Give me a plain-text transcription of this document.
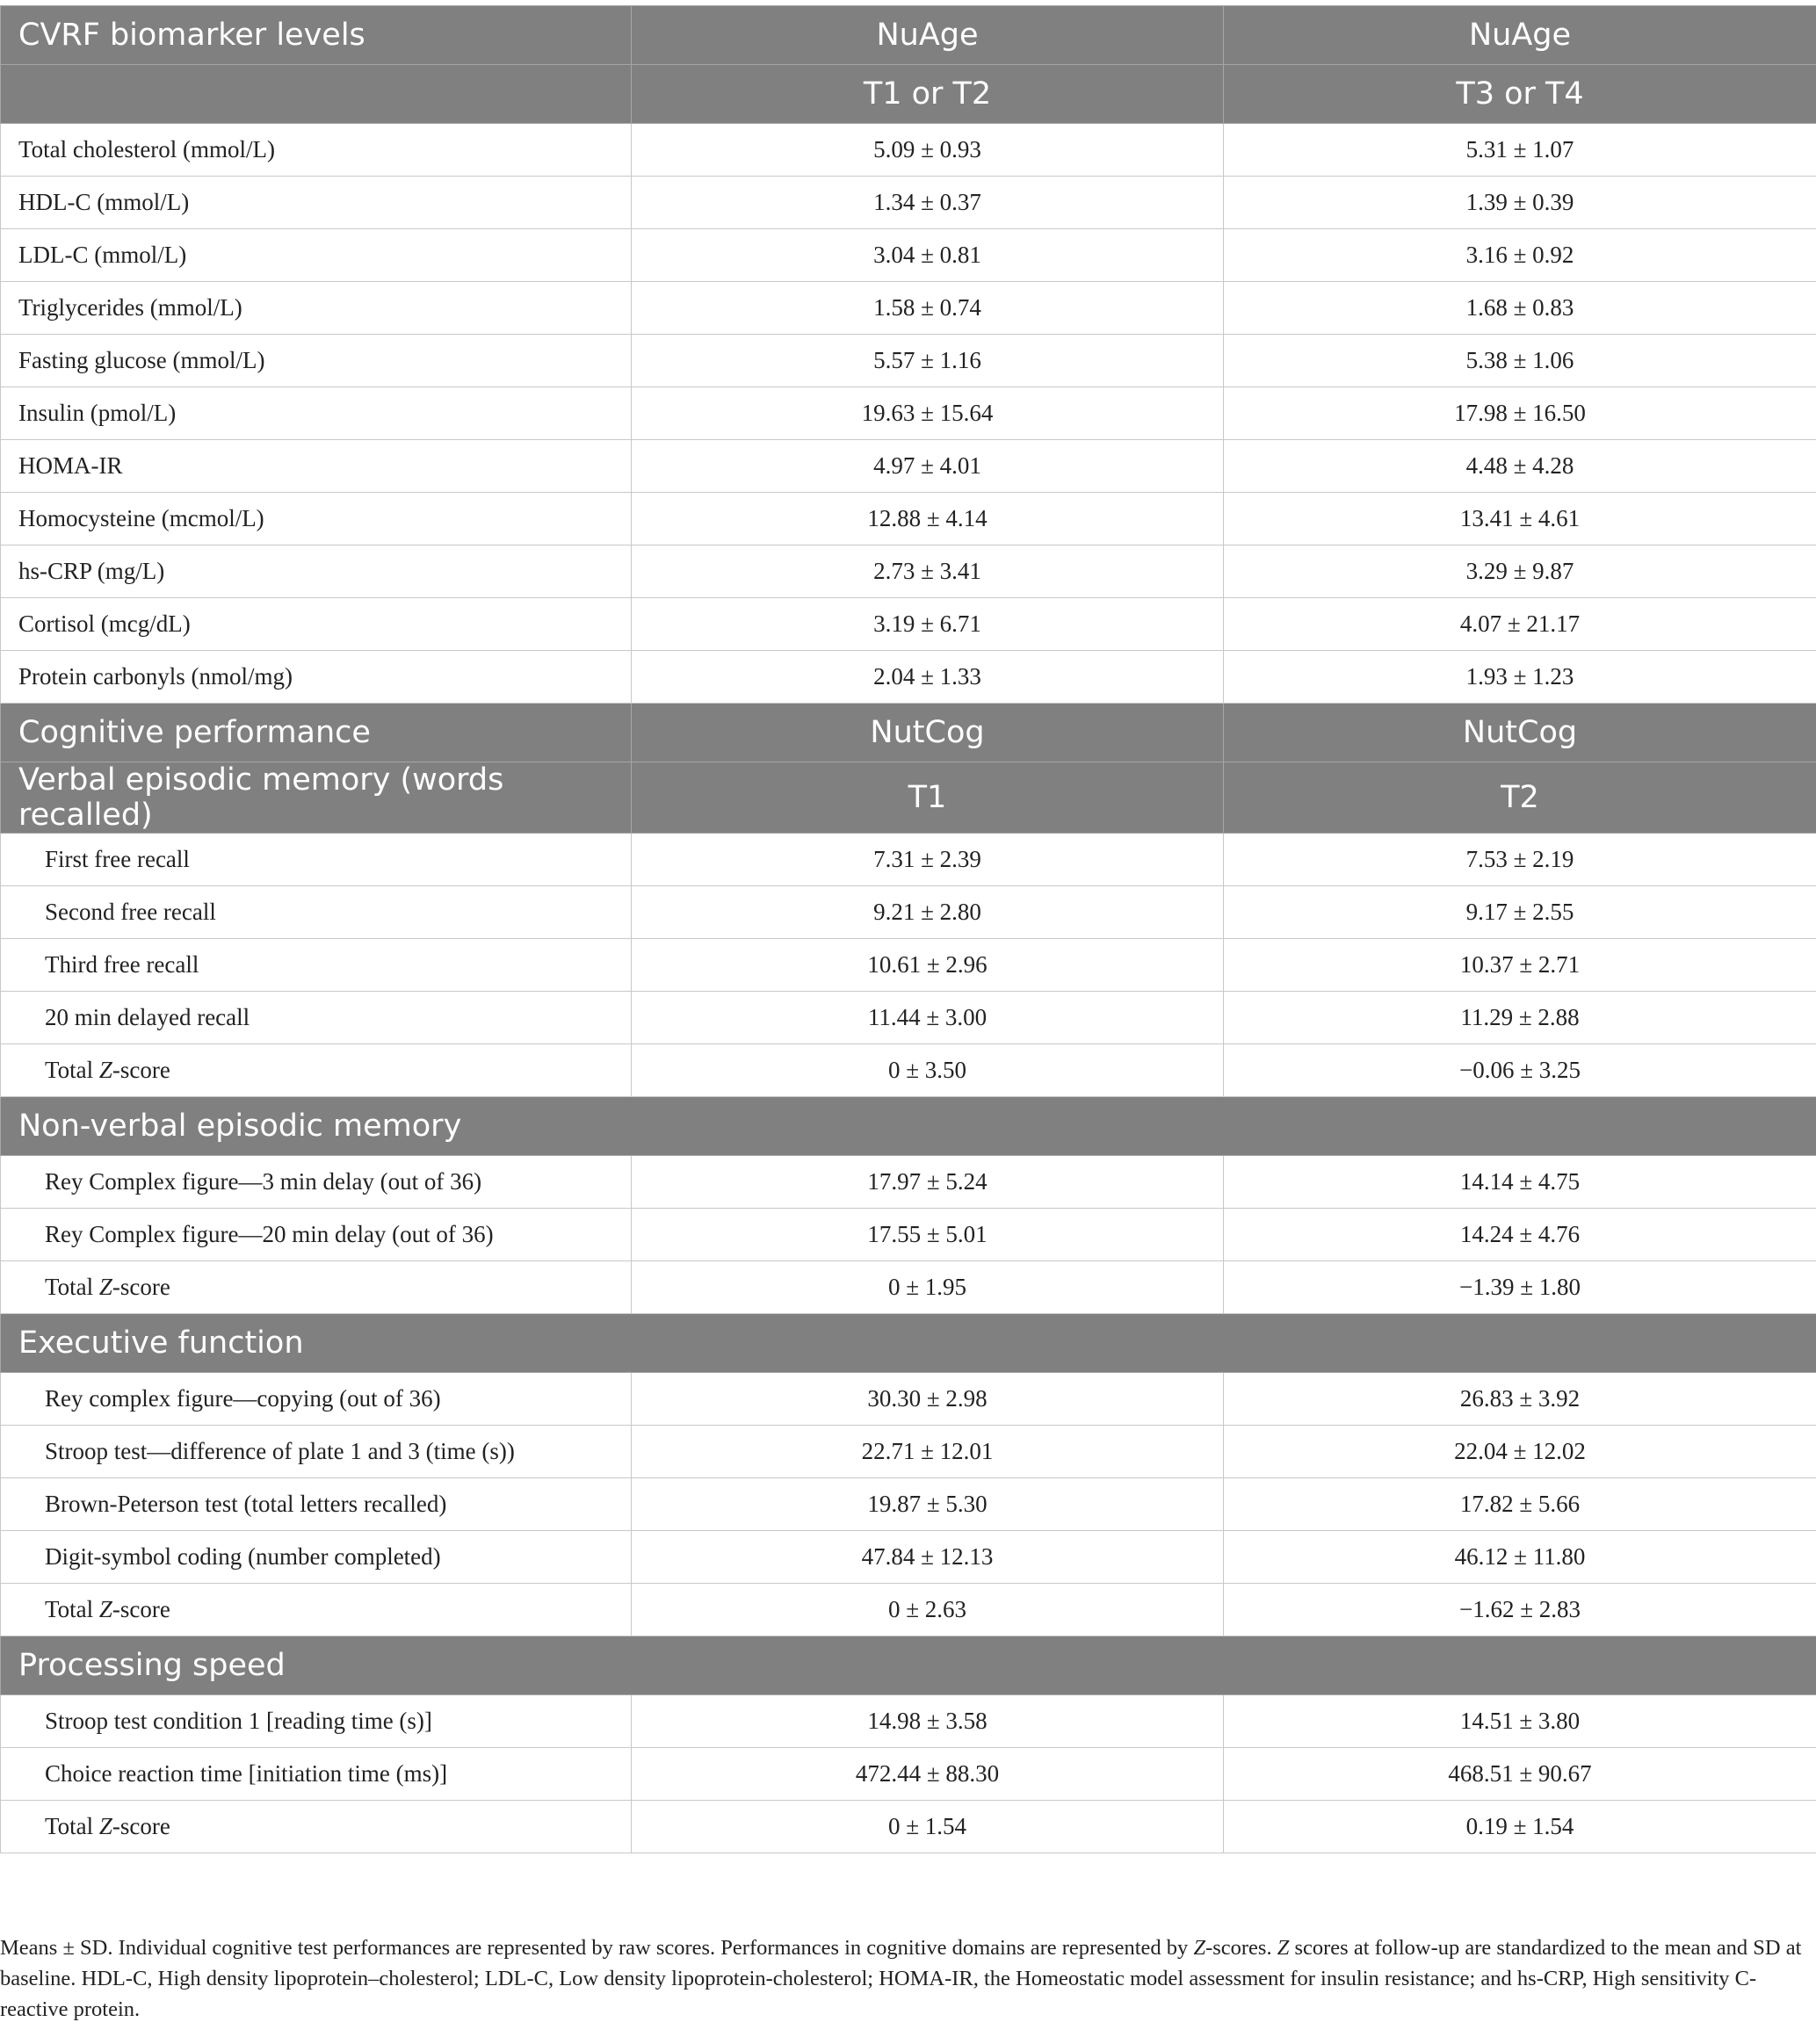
CVRF biomarker levels	NuAge	NuAge
	T1 or T2	T3 or T4
Total cholesterol (mmol/L)	5.09 ± 0.93	5.31 ± 1.07
HDL-C (mmol/L)	1.34 ± 0.37	1.39 ± 0.39
LDL-C (mmol/L)	3.04 ± 0.81	3.16 ± 0.92
Triglycerides (mmol/L)	1.58 ± 0.74	1.68 ± 0.83
Fasting glucose (mmol/L)	5.57 ± 1.16	5.38 ± 1.06
Insulin (pmol/L)	19.63 ± 15.64	17.98 ± 16.50
HOMA-IR	4.97 ± 4.01	4.48 ± 4.28
Homocysteine (mcmol/L)	12.88 ± 4.14	13.41 ± 4.61
hs-CRP (mg/L)	2.73 ± 3.41	3.29 ± 9.87
Cortisol (mcg/dL)	3.19 ± 6.71	4.07 ± 21.17
Protein carbonyls (nmol/mg)	2.04 ± 1.33	1.93 ± 1.23
Cognitive performance	NutCog	NutCog
Verbal episodic memory (words recalled)	T1	T2
First free recall	7.31 ± 2.39	7.53 ± 2.19
Second free recall	9.21 ± 2.80	9.17 ± 2.55
Third free recall	10.61 ± 2.96	10.37 ± 2.71
20 min delayed recall	11.44 ± 3.00	11.29 ± 2.88
Total Z-score	0 ± 3.50	−0.06 ± 3.25
Non-verbal episodic memory		
Rey Complex figure—3 min delay (out of 36)	17.97 ± 5.24	14.14 ± 4.75
Rey Complex figure—20 min delay (out of 36)	17.55 ± 5.01	14.24 ± 4.76
Total Z-score	0 ± 1.95	−1.39 ± 1.80
Executive function		
Rey complex figure—copying (out of 36)	30.30 ± 2.98	26.83 ± 3.92
Stroop test—difference of plate 1 and 3 (time (s))	22.71 ± 12.01	22.04 ± 12.02
Brown-Peterson test (total letters recalled)	19.87 ± 5.30	17.82 ± 5.66
Digit-symbol coding (number completed)	47.84 ± 12.13	46.12 ± 11.80
Total Z-score	0 ± 2.63	−1.62 ± 2.83
Processing speed		
Stroop test condition 1 [reading time (s)]	14.98 ± 3.58	14.51 ± 3.80
Choice reaction time [initiation time (ms)]	472.44 ± 88.30	468.51 ± 90.67
Total Z-score	0 ± 1.54	0.19 ± 1.54
Means ± SD. Individual cognitive test performances are represented by raw scores. Performances in cognitive domains are represented by Z-scores. Z scores at follow-up are standardized to the mean and SD at baseline. HDL-C, High density lipoprotein–cholesterol; LDL-C, Low density lipoprotein-cholesterol; HOMA-IR, the Homeostatic model assessment for insulin resistance; and hs-CRP, High sensitivity C-reactive protein.
